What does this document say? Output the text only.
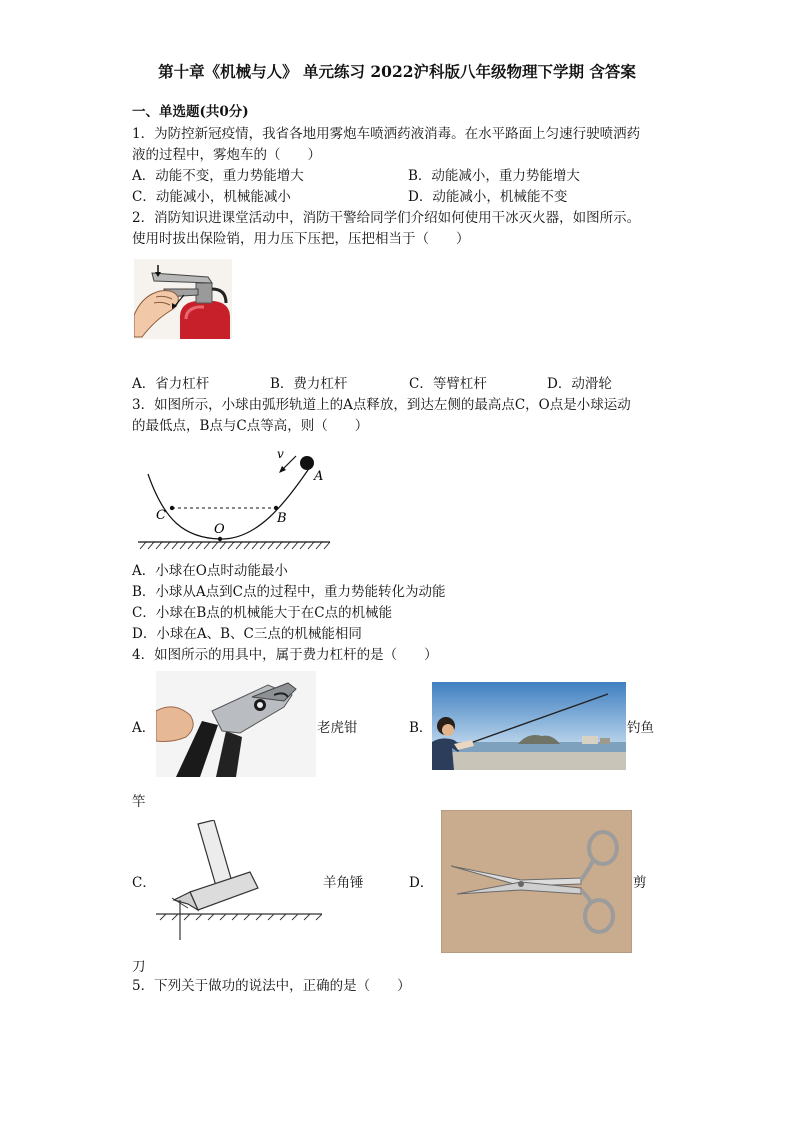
第十章《机械与人》 单元练习 2022沪科版八年级物理下学期 含答案
一、单选题(共0分)
1．为防控新冠疫情，我省各地用雾炮车喷洒药液消毒。在水平路面上匀速行驶喷洒药
液的过程中，雾炮车的（　　）
A．动能不变，重力势能增大	B．动能减小，重力势能增大
C．动能减小，机械能减小	D．动能减小，机械能不变
2．消防知识进课堂活动中，消防干警给同学们介绍如何使用干冰灭火器，如图所示。
使用时拔出保险销，用力压下压把，压把相当于（　　）
A．省力杠杆	B．费力杠杆	C．等臂杠杆	D．动滑轮
3．如图所示，小球由弧形轨道上的A点释放，到达左侧的最高点C，O点是小球运动
的最低点，B点与C点等高，则（　　）
v
A
B
C
O
A．小球在O点时动能最小
B．小球从A点到C点的过程中，重力势能转化为动能
C．小球在B点的机械能大于在C点的机械能
D．小球在A、B、C三点的机械能相同
4．如图所示的用具中，属于费力杠杆的是（　　）
A．	老虎钳	B．	钓鱼
竿
C．	羊角锤	D．	剪
刀
5．下列关于做功的说法中，正确的是（　　）
